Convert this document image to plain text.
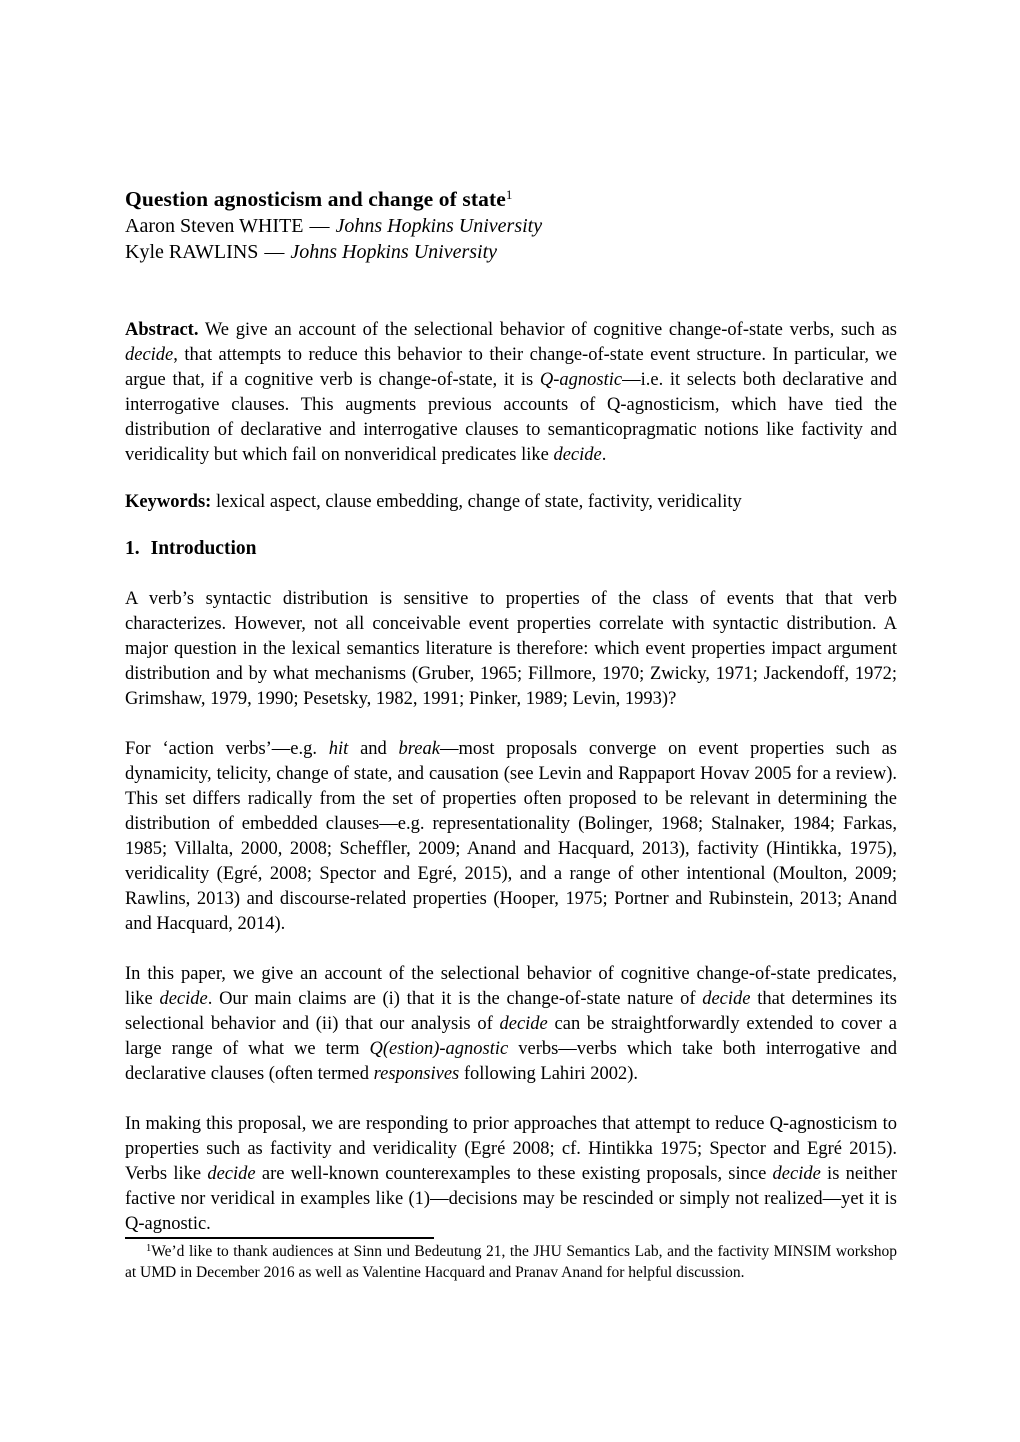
Question agnosticism and change of state$^1$

Aaron Steven WHITE — Johns Hopkins University

Kyle RAWLINS — Johns Hopkins University

Abstract. We give an account of the selectional behavior of cognitive change-of-state verbs, such as decide, that attempts to reduce this behavior to their change-of-state event structure. In particular, we argue that, if a cognitive verb is change-of-state, it is Q-agnostic—i.e. it selects both declarative and interrogative clauses. This augments previous accounts of Q-agnosticism, which have tied the distribution of declarative and interrogative clauses to semanticopragmatic notions like factivity and veridicality but which fail on nonveridical predicates like decide.

Keywords: lexical aspect, clause embedding, change of state, factivity, veridicality
1. Introduction

A verb’s syntactic distribution is sensitive to properties of the class of events that that verb characterizes. However, not all conceivable event properties correlate with syntactic distribution. A major question in the lexical semantics literature is therefore: which event properties impact argument distribution and by what mechanisms (Gruber, 1965; Fillmore, 1970; Zwicky, 1971; Jackendoff, 1972; Grimshaw, 1979, 1990; Pesetsky, 1982, 1991; Pinker, 1989; Levin, 1993)?

For ‘action verbs’—e.g. hit and break—most proposals converge on event properties such as dynamicity, telicity, change of state, and causation (see Levin and Rappaport Hovav 2005 for a review). This set differs radically from the set of properties often proposed to be relevant in determining the distribution of embedded clauses—e.g. representationality (Bolinger, 1968; Stalnaker, 1984; Farkas, 1985; Villalta, 2000, 2008; Scheffler, 2009; Anand and Hacquard, 2013), factivity (Hintikka, 1975), veridicality (Egré, 2008; Spector and Egré, 2015), and a range of other intentional (Moulton, 2009; Rawlins, 2013) and discourse-related properties (Hooper, 1975; Portner and Rubinstein, 2013; Anand and Hacquard, 2014).

In this paper, we give an account of the selectional behavior of cognitive change-of-state predicates, like decide. Our main claims are (i) that it is the change-of-state nature of decide that determines its selectional behavior and (ii) that our analysis of decide can be straightforwardly extended to cover a large range of what we term Q(estion)-agnostic verbs—verbs which take both interrogative and declarative clauses (often termed responsives following Lahiri 2002).

In making this proposal, we are responding to prior approaches that attempt to reduce Q-agnosticism to properties such as factivity and veridicality (Egré 2008; cf. Hintikka 1975; Spector and Egré 2015). Verbs like decide are well-known counterexamples to these existing proposals, since decide is neither factive nor veridical in examples like (1)—decisions may be rescinded or simply not realized—yet it is Q-agnostic.

$^1$We’d like to thank audiences at Sinn und Bedeutung 21, the JHU Semantics Lab, and the factivity MINSIM workshop at UMD in December 2016 as well as Valentine Hacquard and Pranav Anand for helpful discussion.
